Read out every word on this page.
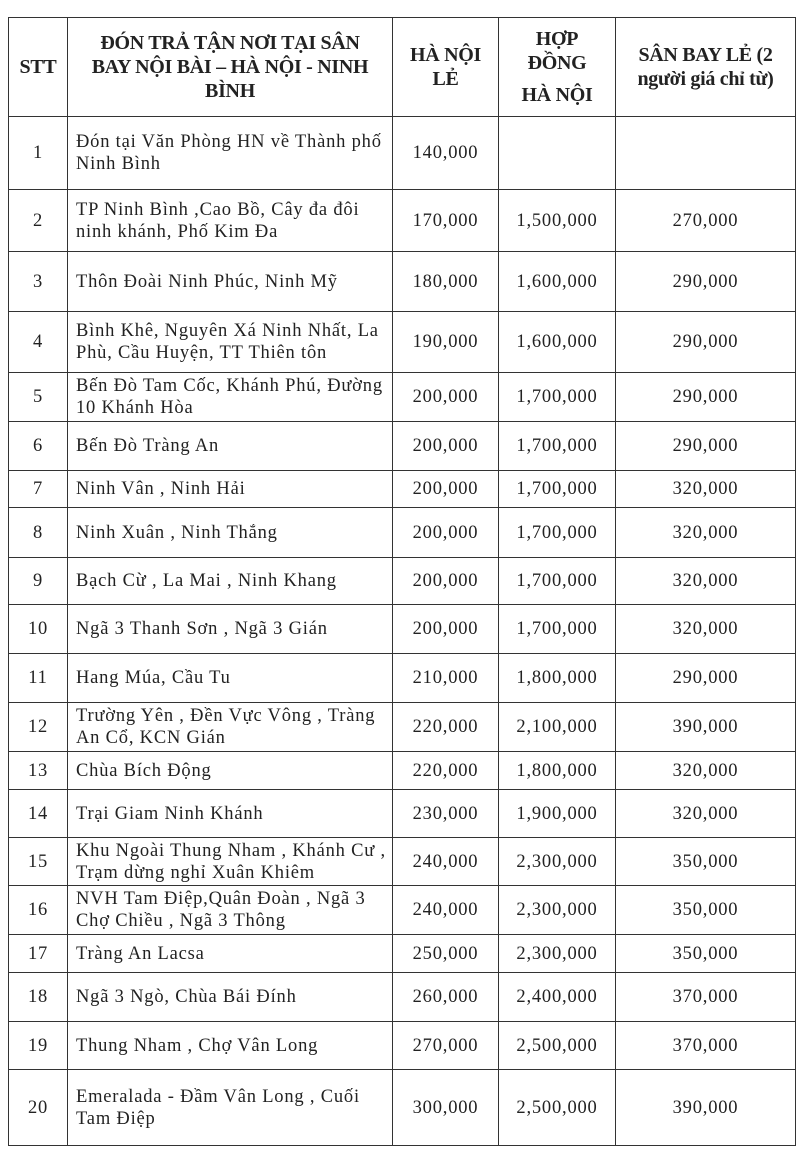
STT	ĐÓN TRẢ TẬN NƠI TẠI SÂN BAY NỘI BÀI – HÀ NỘI - NINH BÌNH	HÀ NỘI LẺ	HỢP
ĐỒNG
HÀ NỘI	SÂN BAY LẺ (2 người giá chỉ từ)
1	Đón tại Văn Phòng HN về Thành phố Ninh Bình	140,000		
2	TP Ninh Bình ,Cao Bồ, Cây đa đôi ninh khánh, Phố Kim Đa	170,000	1,500,000	270,000
3	Thôn Đoài Ninh Phúc, Ninh Mỹ	180,000	1,600,000	290,000
4	Bình Khê, Nguyên Xá Ninh Nhất, La Phù, Cầu Huyện, TT Thiên tôn	190,000	1,600,000	290,000
5	Bến Đò Tam Cốc, Khánh Phú, Đường 10 Khánh Hòa	200,000	1,700,000	290,000
6	Bến Đò Tràng An	200,000	1,700,000	290,000
7	Ninh Vân , Ninh Hải	200,000	1,700,000	320,000
8	Ninh Xuân , Ninh Thắng	200,000	1,700,000	320,000
9	Bạch Cừ , La Mai , Ninh Khang	200,000	1,700,000	320,000
10	Ngã 3 Thanh Sơn , Ngã 3 Gián	200,000	1,700,000	320,000
11	Hang Múa, Cầu Tu	210,000	1,800,000	290,000
12	Trường Yên , Đền Vực Vông , Tràng An Cổ, KCN Gián	220,000	2,100,000	390,000
13	Chùa Bích Động	220,000	1,800,000	320,000
14	Trại Giam Ninh Khánh	230,000	1,900,000	320,000
15	Khu Ngoài Thung Nham , Khánh Cư , Trạm dừng nghỉ Xuân Khiêm	240,000	2,300,000	350,000
16	NVH Tam Điệp,Quân Đoàn , Ngã 3 Chợ Chiều , Ngã 3 Thông	240,000	2,300,000	350,000
17	Tràng An Lacsa	250,000	2,300,000	350,000
18	Ngã 3 Ngò, Chùa Bái Đính	260,000	2,400,000	370,000
19	Thung Nham , Chợ Vân Long	270,000	2,500,000	370,000
20	Emeralada - Đầm Vân Long , Cuối Tam Điệp	300,000	2,500,000	390,000
